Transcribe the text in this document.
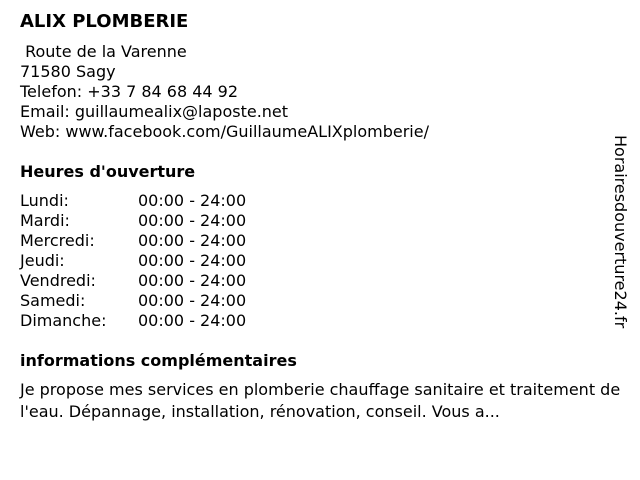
ALIX PLOMBERIE
Route de la Varenne
71580 Sagy
Telefon: +33 7 84 68 44 92
Email: guillaumealix@laposte.net
Web: www.facebook.com/GuillaumeALIXplomberie/
Heures d'ouverture
Lundi:	00:00 - 24:00
Mardi:	00:00 - 24:00
Mercredi:	00:00 - 24:00
Jeudi:	00:00 - 24:00
Vendredi:	00:00 - 24:00
Samedi:	00:00 - 24:00
Dimanche:	00:00 - 24:00
informations complémentaires
Je propose mes services en plomberie chauffage sanitaire et traitement de l'eau. Dépannage, installation, rénovation, conseil. Vous a...
Horairesdouverture24.fr
